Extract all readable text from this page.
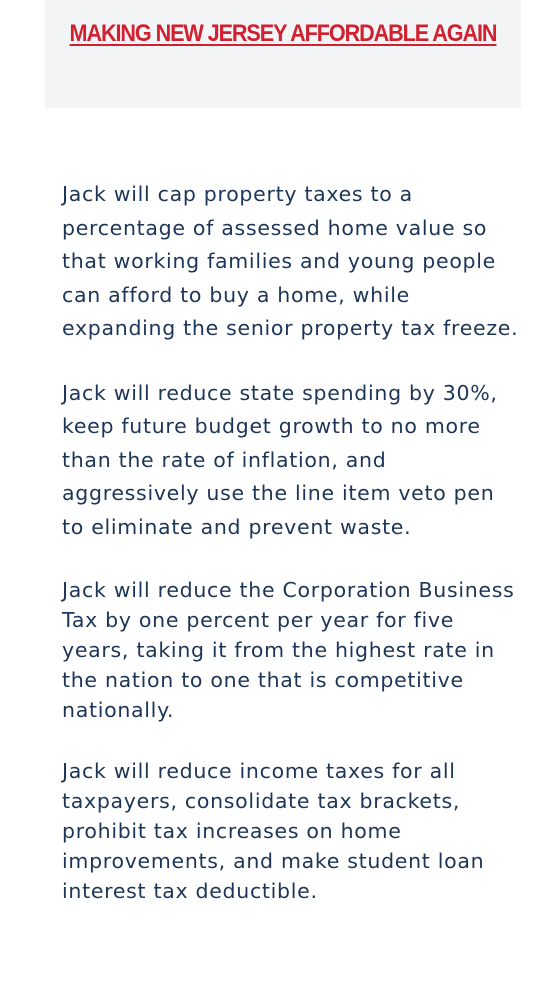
MAKING NEW JERSEY AFFORDABLE AGAIN

Jack will cap property taxes to a percentage of assessed home value so that working families and young people can afford to buy a home, while expanding the senior property tax freeze.

Jack will reduce state spending by 30%, keep future budget growth to no more than the rate of inflation, and aggressively use the line item veto pen to eliminate and prevent waste.

Jack will reduce the Corporation Business Tax by one percent per year for five years, taking it from the highest rate in the nation to one that is competitive nationally.

Jack will reduce income taxes for all taxpayers, consolidate tax brackets, prohibit tax increases on home improvements, and make student loan interest tax deductible.
